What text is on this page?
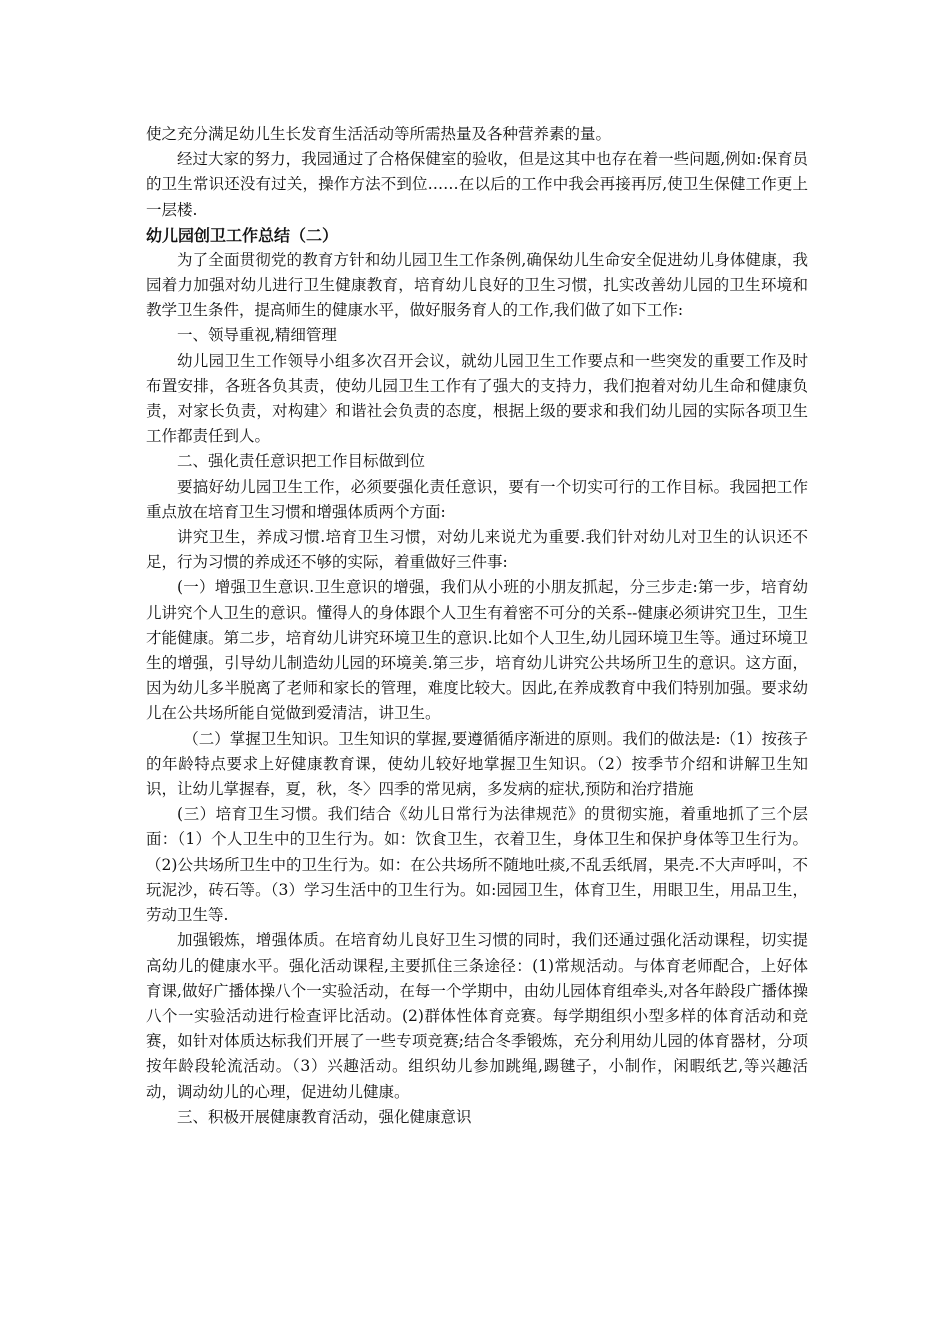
使之充分满足幼儿生长发育生活活动等所需热量及各种营养素的量。

经过大家的努力，我园通过了合格保健室的验收，但是这其中也存在着一些问题,例如:保育员的卫生常识还没有过关，操作方法不到位……在以后的工作中我会再接再厉,使卫生保健工作更上一层楼.

幼儿园创卫工作总结（二）

为了全面贯彻党的教育方针和幼儿园卫生工作条例,确保幼儿生命安全促进幼儿身体健康，我园着力加强对幼儿进行卫生健康教育，培育幼儿良好的卫生习惯，扎实改善幼儿园的卫生环境和教学卫生条件，提高师生的健康水平，做好服务育人的工作,我们做了如下工作:

一、领导重视,精细管理

幼儿园卫生工作领导小组多次召开会议，就幼儿园卫生工作要点和一些突发的重要工作及时布置安排，各班各负其责，使幼儿园卫生工作有了强大的支持力，我们抱着对幼儿生命和健康负责，对家长负责，对构建〉和谐社会负责的态度，根据上级的要求和我们幼儿园的实际各项卫生工作都责任到人。

二、强化责任意识把工作目标做到位

要搞好幼儿园卫生工作，必须要强化责任意识，要有一个切实可行的工作目标。我园把工作重点放在培育卫生习惯和增强体质两个方面:

讲究卫生，养成习惯.培育卫生习惯，对幼儿来说尤为重要.我们针对幼儿对卫生的认识还不足，行为习惯的养成还不够的实际，着重做好三件事:

(一）增强卫生意识.卫生意识的增强，我们从小班的小朋友抓起，分三步走:第一步，培育幼儿讲究个人卫生的意识。懂得人的身体跟个人卫生有着密不可分的关系--健康必须讲究卫生，卫生才能健康。第二步，培育幼儿讲究环境卫生的意识.比如个人卫生,幼儿园环境卫生等。通过环境卫生的增强，引导幼儿制造幼儿园的环境美.第三步，培育幼儿讲究公共场所卫生的意识。这方面，因为幼儿多半脱离了老师和家长的管理，难度比较大。因此,在养成教育中我们特别加强。要求幼儿在公共场所能自觉做到爱清洁，讲卫生。

（二）掌握卫生知识。卫生知识的掌握,要遵循循序渐进的原则。我们的做法是:（1）按孩子的年龄特点要求上好健康教育课，使幼儿较好地掌握卫生知识。（2）按季节介绍和讲解卫生知识，让幼儿掌握春，夏，秋，冬〉四季的常见病，多发病的症状,预防和治疗措施

(三）培育卫生习惯。我们结合《幼儿日常行为法律规范》的贯彻实施，着重地抓了三个层面：（1）个人卫生中的卫生行为。如：饮食卫生，衣着卫生，身体卫生和保护身体等卫生行为。（2)公共场所卫生中的卫生行为。如：在公共场所不随地吐痰,不乱丢纸屑，果壳.不大声呼叫，不玩泥沙，砖石等。（3）学习生活中的卫生行为。如:园园卫生，体育卫生，用眼卫生，用品卫生，劳动卫生等.

加强锻炼，增强体质。在培育幼儿良好卫生习惯的同时，我们还通过强化活动课程，切实提高幼儿的健康水平。强化活动课程,主要抓住三条途径：(1)常规活动。与体育老师配合，上好体育课,做好广播体操八个一实验活动，在每一个学期中，由幼儿园体育组牵头,对各年龄段广播体操八个一实验活动进行检查评比活动。(2)群体性体育竞赛。每学期组织小型多样的体育活动和竞赛，如针对体质达标我们开展了一些专项竞赛;结合冬季锻炼，充分利用幼儿园的体育器材，分项按年龄段轮流活动。（3）兴趣活动。组织幼儿参加跳绳,踢毽子，小制作，闲暇纸艺,等兴趣活动，调动幼儿的心理，促进幼儿健康。

三、积极开展健康教育活动，强化健康意识
